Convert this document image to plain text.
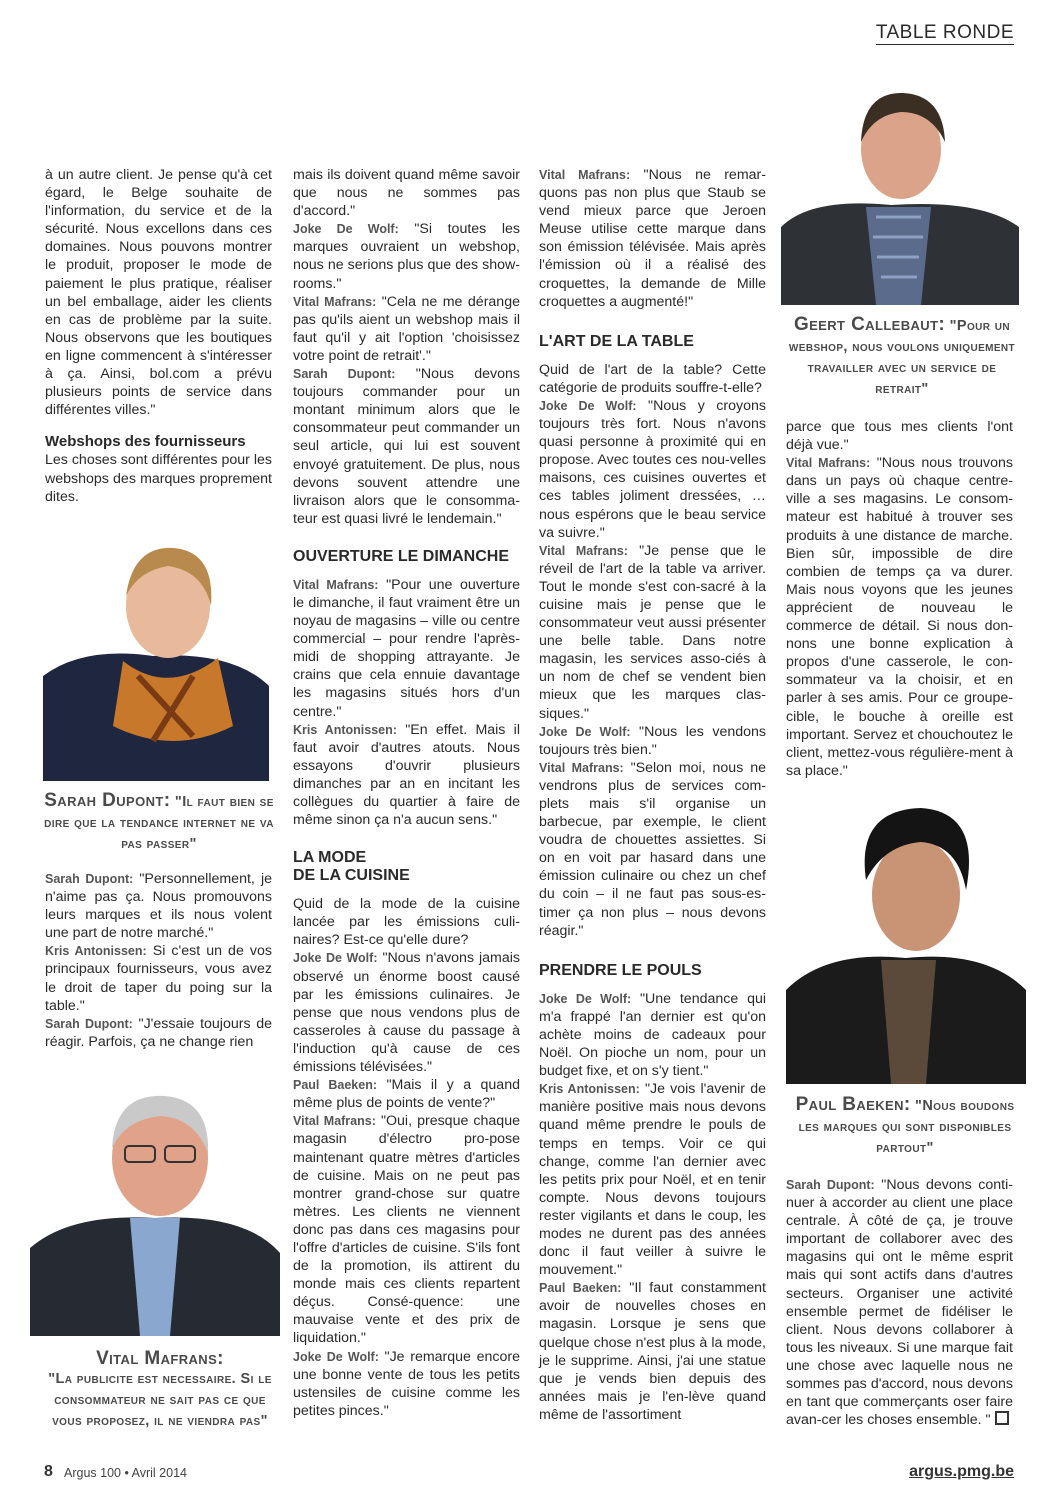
TABLE RONDE

à un autre client. Je pense qu'à cet égard, le Belge souhaite de l'information, du service et de la sécurité. Nous excellons dans ces domaines. Nous pouvons montrer le produit, proposer le mode de paiement le plus pratique, réaliser un bel emballage, aider les clients en cas de problème par la suite. Nous observons que les boutiques en ligne commencent à s'intéresser à ça. Ainsi, bol.com a prévu plusieurs points de service dans différentes villes."

Webshops des fournisseurs

Les choses sont différentes pour les webshops des marques proprement dites.

Sarah Dupont: "Il faut bien se dire que la tendance internet ne va pas passer"

Sarah Dupont: "Personnellement, je n'aime pas ça. Nous promouvons leurs marques et ils nous volent une part de notre marché."

Kris Antonissen: Si c'est un de vos principaux fournisseurs, vous avez le droit de taper du poing sur la table."

Sarah Dupont: "J'essaie toujours de réagir. Parfois, ça ne change rien

Vital Mafrans:
"La publicite est necessaire. Si le consommateur ne sait pas ce que vous proposez, il ne viendra pas"

mais ils doivent quand même savoir que nous ne sommes pas d'accord."

Joke De Wolf: "Si toutes les marques ouvraient un webshop, nous ne serions plus que des show-rooms."

Vital Mafrans: "Cela ne me dérange pas qu'ils aient un webshop mais il faut qu'il y ait l'option 'choisissez votre point de retrait'."

Sarah Dupont: "Nous devons toujours commander pour un montant minimum alors que le consommateur peut commander un seul article, qui lui est souvent envoyé gratuitement. De plus, nous devons souvent attendre une livraison alors que le consomma-teur est quasi livré le lendemain."

OUVERTURE LE DIMANCHE

Vital Mafrans: "Pour une ouverture le dimanche, il faut vraiment être un noyau de magasins – ville ou centre commercial – pour rendre l'après-midi de shopping attrayante. Je crains que cela ennuie davantage les magasins situés hors d'un centre."

Kris Antonissen: "En effet. Mais il faut avoir d'autres atouts. Nous essayons d'ouvrir plusieurs dimanches par an en incitant les collègues du quartier à faire de même sinon ça n'a aucun sens."

LA MODE
DE LA CUISINE

Quid de la mode de la cuisine lancée par les émissions culi-naires? Est-ce qu'elle dure?

Joke De Wolf: "Nous n'avons jamais observé un énorme boost causé par les émissions culinaires. Je pense que nous vendons plus de casseroles à cause du passage à l'induction qu'à cause de ces émissions télévisées."

Paul Baeken: "Mais il y a quand même plus de points de vente?"

Vital Mafrans: "Oui, presque chaque magasin d'électro pro-pose maintenant quatre mètres d'articles de cuisine. Mais on ne peut pas montrer grand-chose sur quatre mètres. Les clients ne viennent donc pas dans ces magasins pour l'offre d'articles de cuisine. S'ils font de la promotion, ils attirent du monde mais ces clients repartent déçus. Consé-quence: une mauvaise vente et des prix de liquidation."

Joke De Wolf: "Je remarque encore une bonne vente de tous les petits ustensiles de cuisine comme les petites pinces."

Vital Mafrans: "Nous ne remar-quons pas non plus que Staub se vend mieux parce que Jeroen Meuse utilise cette marque dans son émission télévisée. Mais après l'émission où il a réalisé des croquettes, la demande de Mille croquettes a augmenté!"

L'ART DE LA TABLE

Quid de l'art de la table? Cette catégorie de produits souffre-t-elle?

Joke De Wolf: "Nous y croyons toujours très fort. Nous n'avons quasi personne à proximité qui en propose. Avec toutes ces nou-velles maisons, ces cuisines ouvertes et ces tables joliment dressées, … nous espérons que le beau service va suivre."

Vital Mafrans: "Je pense que le réveil de l'art de la table va arriver. Tout le monde s'est con-sacré à la cuisine mais je pense que le consommateur veut aussi présenter une belle table. Dans notre magasin, les services asso-ciés à un nom de chef se vendent bien mieux que les marques clas-siques."

Joke De Wolf: "Nous les vendons toujours très bien."

Vital Mafrans: "Selon moi, nous ne vendrons plus de services com-plets mais s'il organise un barbecue, par exemple, le client voudra de chouettes assiettes. Si on en voit par hasard dans une émission culinaire ou chez un chef du coin – il ne faut pas sous-es-timer ça non plus – nous devons réagir."

PRENDRE LE POULS

Joke De Wolf: "Une tendance qui m'a frappé l'an dernier est qu'on achète moins de cadeaux pour Noël. On pioche un nom, pour un budget fixe, et on s'y tient."

Kris Antonissen: "Je vois l'avenir de manière positive mais nous devons quand même prendre le pouls de temps en temps. Voir ce qui change, comme l'an dernier avec les petits prix pour Noël, et en tenir compte. Nous devons toujours rester vigilants et dans le coup, les modes ne durent pas des années donc il faut veiller à suivre le mouvement."

Paul Baeken: "Il faut constamment avoir de nouvelles choses en magasin. Lorsque je sens que quelque chose n'est plus à la mode, je le supprime. Ainsi, j'ai une statue que je vends bien depuis des années mais je l'en-lève quand même de l'assortiment

Geert Callebaut: "Pour un webshop, nous voulons uniquement travailler avec un service de retrait"

parce que tous mes clients l'ont déjà vue."

Vital Mafrans: "Nous nous trouvons dans un pays où chaque centre-ville a ses magasins. Le consom-mateur est habitué à trouver ses produits à une distance de marche. Bien sûr, impossible de dire combien de temps ça va durer. Mais nous voyons que les jeunes apprécient de nouveau le commerce de détail. Si nous don-nons une bonne explication à propos d'une casserole, le con-sommateur va la choisir, et en parler à ses amis. Pour ce groupe-cible, le bouche à oreille est important. Servez et chouchoutez le client, mettez-vous régulière-ment à sa place."

Paul Baeken: "Nous boudons les marques qui sont disponibles partout"

Sarah Dupont: "Nous devons conti-nuer à accorder au client une place centrale. À côté de ça, je trouve important de collaborer avec des magasins qui ont le même esprit mais qui sont actifs dans d'autres secteurs. Organiser une activité ensemble permet de fidéliser le client. Nous devons collaborer à tous les niveaux. Si une marque fait une chose avec laquelle nous ne sommes pas d'accord, nous devons en tant que commerçants oser faire avan-cer les choses ensemble. "

8 Argus 100 • Avril 2014	argus.pmg.be
